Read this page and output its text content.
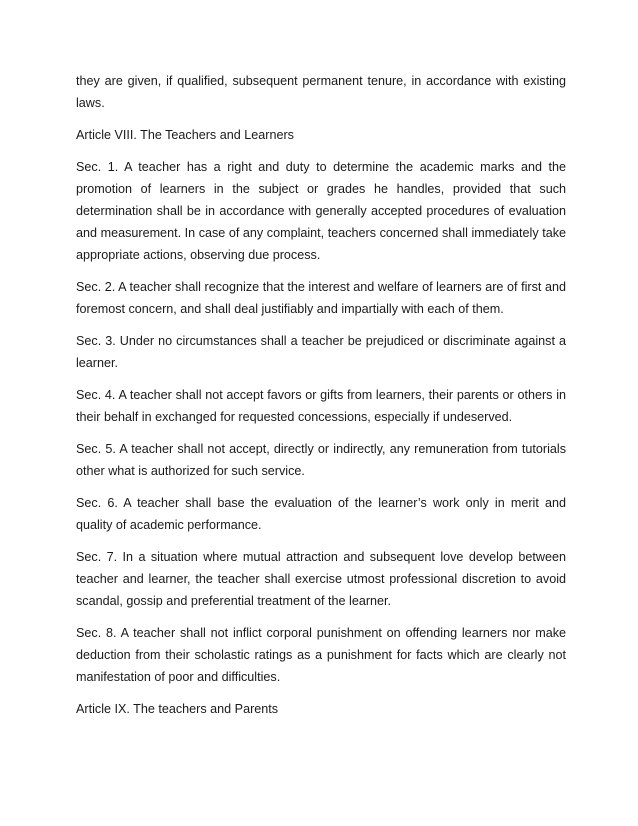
they are given, if qualified, subsequent permanent tenure, in accordance with existing laws.

Article VIII. The Teachers and Learners

Sec. 1. A teacher has a right and duty to determine the academic marks and the promotion of learners in the subject or grades he handles, provided that such determination shall be in accordance with generally accepted procedures of evaluation and measurement. In case of any complaint, teachers concerned shall immediately take appropriate actions, observing due process.

Sec. 2. A teacher shall recognize that the interest and welfare of learners are of first and foremost concern, and shall deal justifiably and impartially with each of them.

Sec. 3. Under no circumstances shall a teacher be prejudiced or discriminate against a learner.

Sec. 4. A teacher shall not accept favors or gifts from learners, their parents or others in their behalf in exchanged for requested concessions, especially if undeserved.

Sec. 5. A teacher shall not accept, directly or indirectly, any remuneration from tutorials other what is authorized for such service.

Sec. 6. A teacher shall base the evaluation of the learner’s work only in merit and quality of academic performance.

Sec. 7. In a situation where mutual attraction and subsequent love develop between teacher and learner, the teacher shall exercise utmost professional discretion to avoid scandal, gossip and preferential treatment of the learner.

Sec. 8. A teacher shall not inflict corporal punishment on offending learners nor make deduction from their scholastic ratings as a punishment for facts which are clearly not manifestation of poor and difficulties.

Article IX. The teachers and Parents
